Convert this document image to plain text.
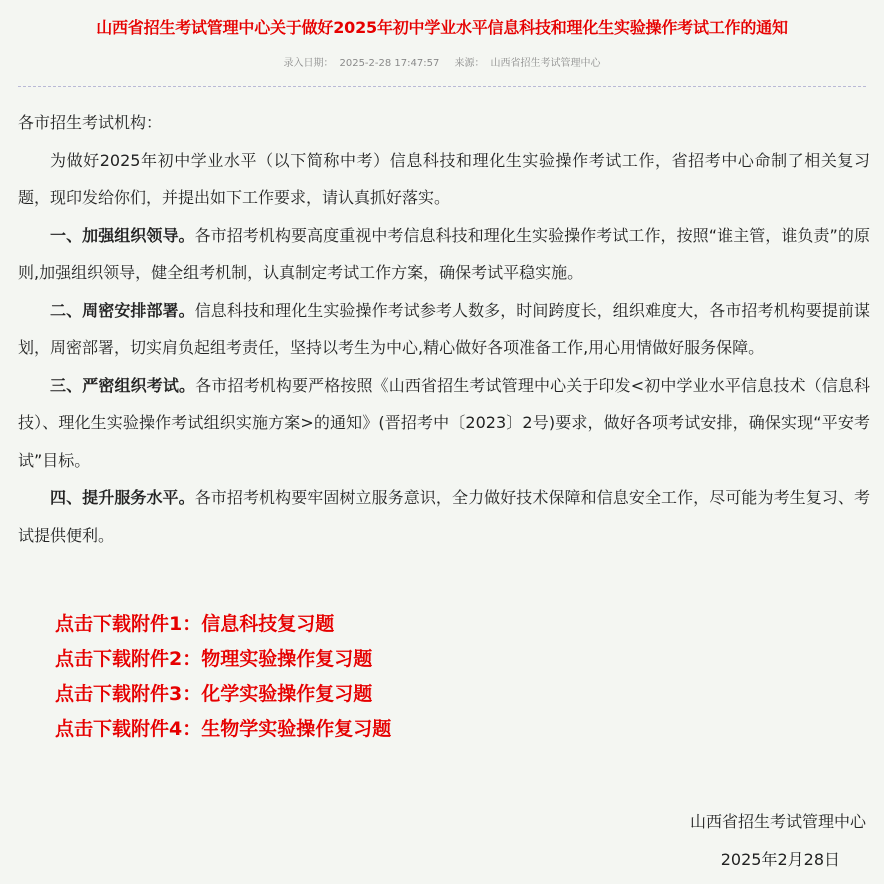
山西省招生考试管理中心关于做好2025年初中学业水平信息科技和理化生实验操作考试工作的通知
录入日期： 2025-2-28 17:47:57 来源： 山西省招生考试管理中心

各市招生考试机构：

为做好2025年初中学业水平（以下简称中考）信息科技和理化生实验操作考试工作，省招考中心命制了相关复习题，现印发给你们，并提出如下工作要求，请认真抓好落实。

一、加强组织领导。各市招考机构要高度重视中考信息科技和理化生实验操作考试工作，按照“谁主管，谁负责”的原则,加强组织领导，健全组考机制，认真制定考试工作方案，确保考试平稳实施。

二、周密安排部署。信息科技和理化生实验操作考试参考人数多，时间跨度长，组织难度大，各市招考机构要提前谋划，周密部署，切实肩负起组考责任，坚持以考生为中心,精心做好各项准备工作,用心用情做好服务保障。

三、严密组织考试。各市招考机构要严格按照《山西省招生考试管理中心关于印发<初中学业水平信息技术（信息科技）、理化生实验操作考试组织实施方案>的通知》(晋招考中〔2023〕2号)要求，做好各项考试安排，确保实现“平安考试”目标。

四、提升服务水平。各市招考机构要牢固树立服务意识，全力做好技术保障和信息安全工作，尽可能为考生复习、考试提供便利。

点击下载附件1：信息科技复习题
点击下载附件2：物理实验操作复习题
点击下载附件3：化学实验操作复习题
点击下载附件4：生物学实验操作复习题
山西省招生考试管理中心
2025年2月28日
